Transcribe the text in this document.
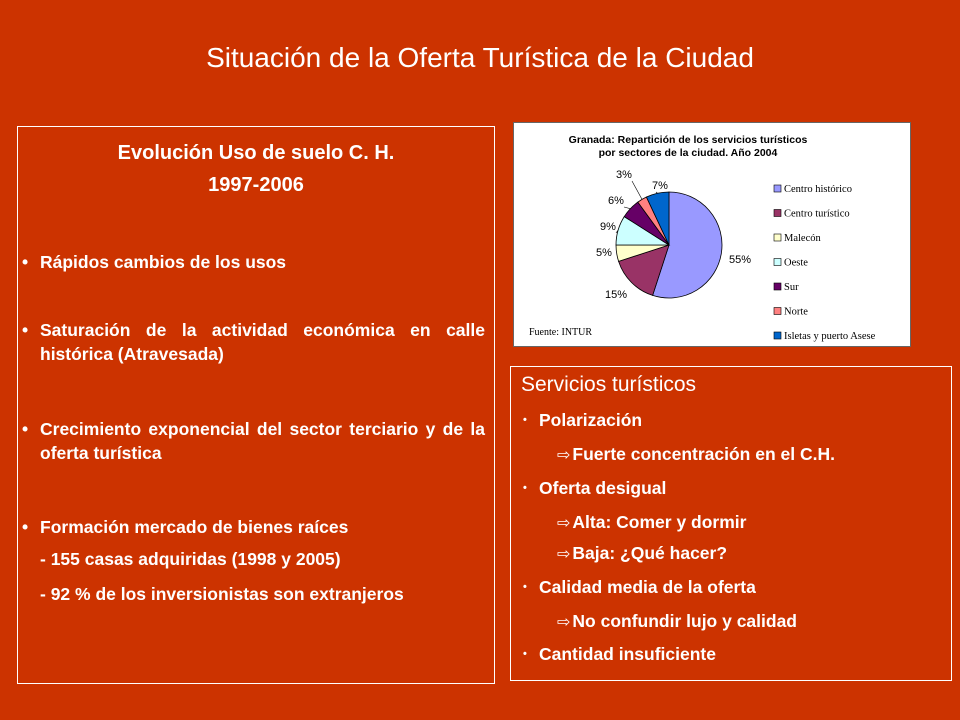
Situación de la Oferta Turística de la Ciudad
Evolución Uso de suelo C. H.
1997-2006
• Rápidos cambios de los usos
• Saturación de la actividad económica en calle histórica (Atravesada)
• Crecimiento exponencial del sector terciario y de la oferta turística
• Formación mercado de bienes raíces
- 155 casas adquiridas (1998 y 2005)
- 92 % de los inversionistas son extranjeros
Granada: Repartición de los servicios turísticos
por sectores de la ciudad. Año 2004
55%
15%
5%
9%
6%
3%
7%	Centro histórico
Centro turístico
Malecón
Oeste
Sur
Norte
Isletas y puerto Asese
Fuente: INTUR
Servicios turísticos
• Polarización
⇨ Fuerte concentración en el C.H.
• Oferta desigual
⇨ Alta: Comer y dormir
⇨ Baja: ¿Qué hacer?
• Calidad media de la oferta
⇨ No confundir lujo y calidad
• Cantidad insuficiente
